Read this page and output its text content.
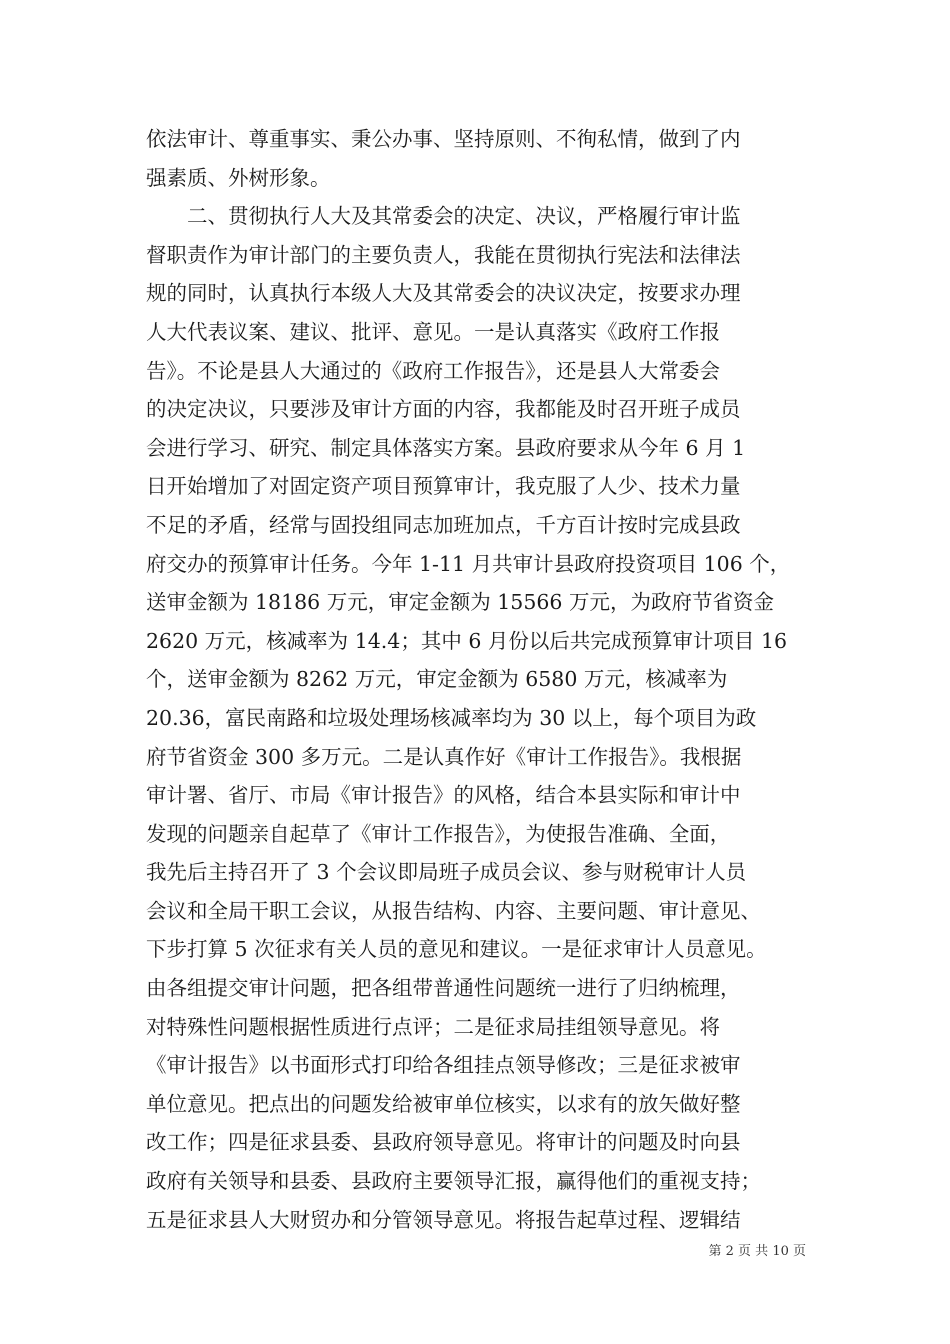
依法审计、尊重事实、秉公办事、坚持原则、不徇私情，做到了内
强素质、外树形象。
　　二、贯彻执行人大及其常委会的决定、决议，严格履行审计监
督职责作为审计部门的主要负责人，我能在贯彻执行宪法和法律法
规的同时，认真执行本级人大及其常委会的决议决定，按要求办理
人大代表议案、建议、批评、意见。一是认真落实《政府工作报
告》。不论是县人大通过的《政府工作报告》，还是县人大常委会
的决定决议，只要涉及审计方面的内容，我都能及时召开班子成员
会进行学习、研究、制定具体落实方案。县政府要求从今年 6 月 1
日开始增加了对固定资产项目预算审计，我克服了人少、技术力量
不足的矛盾，经常与固投组同志加班加点，千方百计按时完成县政
府交办的预算审计任务。今年 1-11 月共审计县政府投资项目 106 个，
送审金额为 18186 万元，审定金额为 15566 万元，为政府节省资金
2620 万元，核减率为 14.4；其中 6 月份以后共完成预算审计项目 16
个，送审金额为 8262 万元，审定金额为 6580 万元，核减率为
20.36，富民南路和垃圾处理场核减率均为 30 以上，每个项目为政
府节省资金 300 多万元。二是认真作好《审计工作报告》。我根据
审计署、省厅、市局《审计报告》的风格，结合本县实际和审计中
发现的问题亲自起草了《审计工作报告》，为使报告准确、全面，
我先后主持召开了 3 个会议即局班子成员会议、参与财税审计人员
会议和全局干职工会议，从报告结构、内容、主要问题、审计意见、
下步打算 5 次征求有关人员的意见和建议。一是征求审计人员意见。
由各组提交审计问题，把各组带普通性问题统一进行了归纳梳理，
对特殊性问题根据性质进行点评；二是征求局挂组领导意见。将
《审计报告》以书面形式打印给各组挂点领导修改；三是征求被审
单位意见。把点出的问题发给被审单位核实，以求有的放矢做好整
改工作；四是征求县委、县政府领导意见。将审计的问题及时向县
政府有关领导和县委、县政府主要领导汇报，赢得他们的重视支持；
五是征求县人大财贸办和分管领导意见。将报告起草过程、逻辑结
第 2 页 共 10 页
